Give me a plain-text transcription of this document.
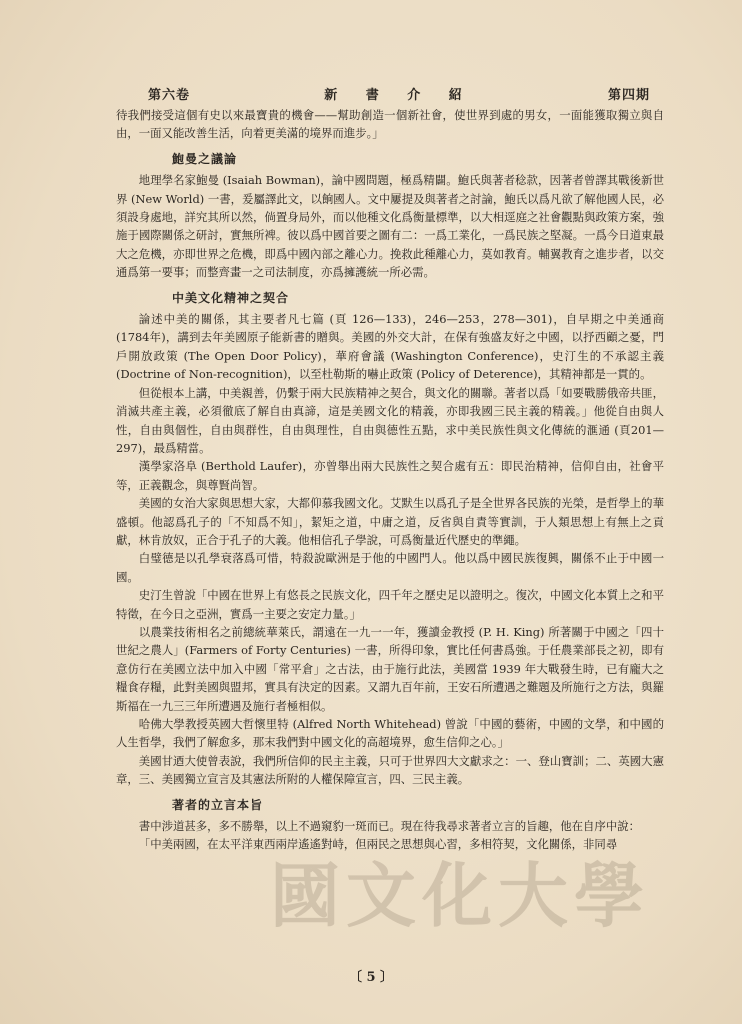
第六卷	新 書 介 紹	第四期

待我們接受這個有史以來最寶貴的機會——幫助創造一個新社會，使世界到處的男女，一面能獲取獨立與自由，一面又能改善生活，向着更美滿的境界而進步。」

鮑曼之議論

地理學名家鮑曼 (Isaiah Bowman)，論中國問題，極爲精闢。鮑氏與著者稔款，因著者曾譯其戰後新世界 (New World) 一書，爰屬譯此文，以餉國人。文中屢提及與著者之討論，鮑氏以爲凡欲了解他國人民，必須設身處地，詳究其所以然，倘置身局外，而以他種文化爲衡量標準，以大相逕庭之社會觀點與政策方案，強施于國際關係之研討，實無所裨。彼以爲中國首要之圖有二：一爲工業化，一爲民族之堅凝。一爲今日道東最大之危機，亦即世界之危機，即爲中國內部之離心力。挽救此種離心力，莫如教育。輔翼教育之進步者，以交通爲第一要事；而整齊畫一之司法制度，亦爲擁護統一所必需。

中美文化精神之契合

論述中美的關係，其主要者凡七篇 (頁 126—133)，246—253，278—301)，自早期之中美通商 (1784年)，講到去年美國原子能新書的贈與。美國的外交大計，在保有強盛友好之中國，以抒西顧之憂，門戶開放政策 (The Open Door Policy)，華府會議 (Washington Conference)，史汀生的不承認主義 (Doctrine of Non-recognition)，以至杜勒斯的嚇止政策 (Policy of Deterence)，其精神都是一貫的。

但從根本上講，中美親善，仍繫于兩大民族精神之契合，與文化的關聯。著者以爲「如要戰勝俄帝共匪，消滅共產主義，必須徹底了解自由真諦，這是美國文化的精義，亦即我國三民主義的精義。」他從自由與人性，自由與個性，自由與群性，自由與理性，自由與德性五點，求中美民族性與文化傳統的滙通 (頁201—297)，最爲精當。

漢學家洛阜 (Berthold Laufer)，亦曾舉出兩大民族性之契合處有五：即民治精神，信仰自由，社會平等，正義觀念，與尊賢尚智。

美國的女治大家與思想大家，大都仰慕我國文化。艾默生以爲孔子是全世界各民族的光榮，是哲學上的華盛頓。他認爲孔子的「不知爲不知」，絜矩之道，中庸之道，反省與自責等實訓，于人類思想上有無上之貢獻，林肯放奴，正合于孔子的大義。他相信孔子學說，可爲衡量近代歷史的準繩。

白璧德是以孔學衰落爲可惜，特殺說歐洲是于他的中國門人。他以爲中國民族復興，關係不止于中國一國。

史汀生曾說「中國在世界上有悠長之民族文化，四千年之歷史足以證明之。復次，中國文化本質上之和平特徵，在今日之亞洲，實爲一主要之安定力量。」

以農業技術相名之前總統華萊氏，謂遠在一九一一年，獲讀金教授 (P. H. King) 所著關于中國之「四十世紀之農人」(Farmers of Forty Centuries) 一書，所得印象，實比任何書爲強。于任農業部長之初，即有意仿行在美國立法中加入中國「常平倉」之古法，由于施行此法，美國當 1939 年大戰發生時，已有龐大之糧食存糧，此對美國與盟邦，實具有決定的因素。又謂九百年前，王安石所遭遇之難題及所施行之方法，與羅斯福在一九三三年所遭遇及施行者極相似。

哈佛大學教授英國大哲懷里特 (Alfred North Whitehead) 曾說「中國的藝術，中國的文學，和中國的人生哲學，我們了解愈多，那末我們對中國文化的高超境界，愈生信仰之心。」

美國甘迺大使曾表說，我們所信仰的民主主義，只可于世界四大文獻求之：一、登山寶訓；二、英國大憲章，三、美國獨立宣言及其憲法所附的人權保障宣言，四、三民主義。

著者的立言本旨

書中涉道甚多，多不勝舉，以上不過窺豹一斑而已。現在待我尋求著者立言的旨趣，他在自序中說：

「中美兩國，在太平洋東西兩岸遙遙對峙，但兩民之思想與心習，多相符契，文化關係，非同尋

國文化大學
〔 5 〕
